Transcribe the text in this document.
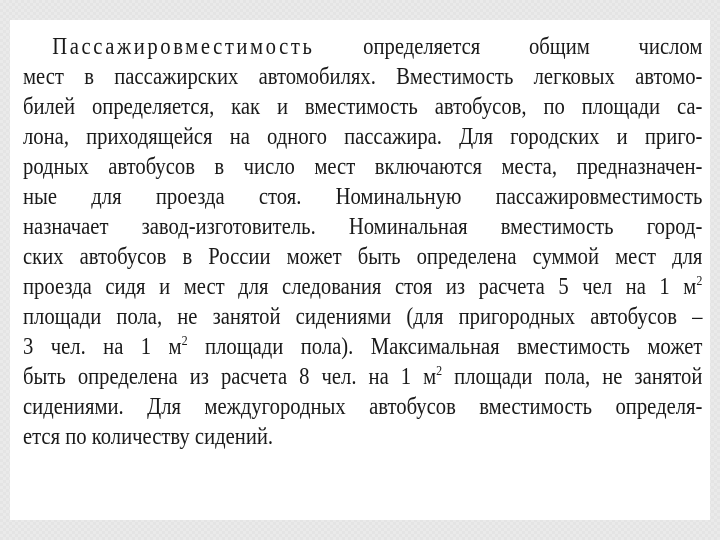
Пассажировместимость определяется общим числом
мест в пассажирских автомобилях. Вместимость легковых автомо-
билей определяется, как и вместимость автобусов, по площади са-
лона, приходящейся на одного пассажира. Для городских и приго-
родных автобусов в число мест включаются места, предназначен-
ные для проезда стоя. Номинальную пассажировместимость
назначает завод-изготовитель. Номинальная вместимость город-
ских автобусов в России может быть определена суммой мест для
проезда сидя и мест для следования стоя из расчета 5 чел на 1 $м^2$
площади пола, не занятой сидениями (для пригородных автобусов –
3 чел. на 1 $м^2$ площади пола). Максимальная вместимость может
быть определена из расчета 8 чел. на 1 $м^2$ площади пола, не занятой
сидениями. Для междугородных автобусов вместимость определя-
ется по количеству сидений.
